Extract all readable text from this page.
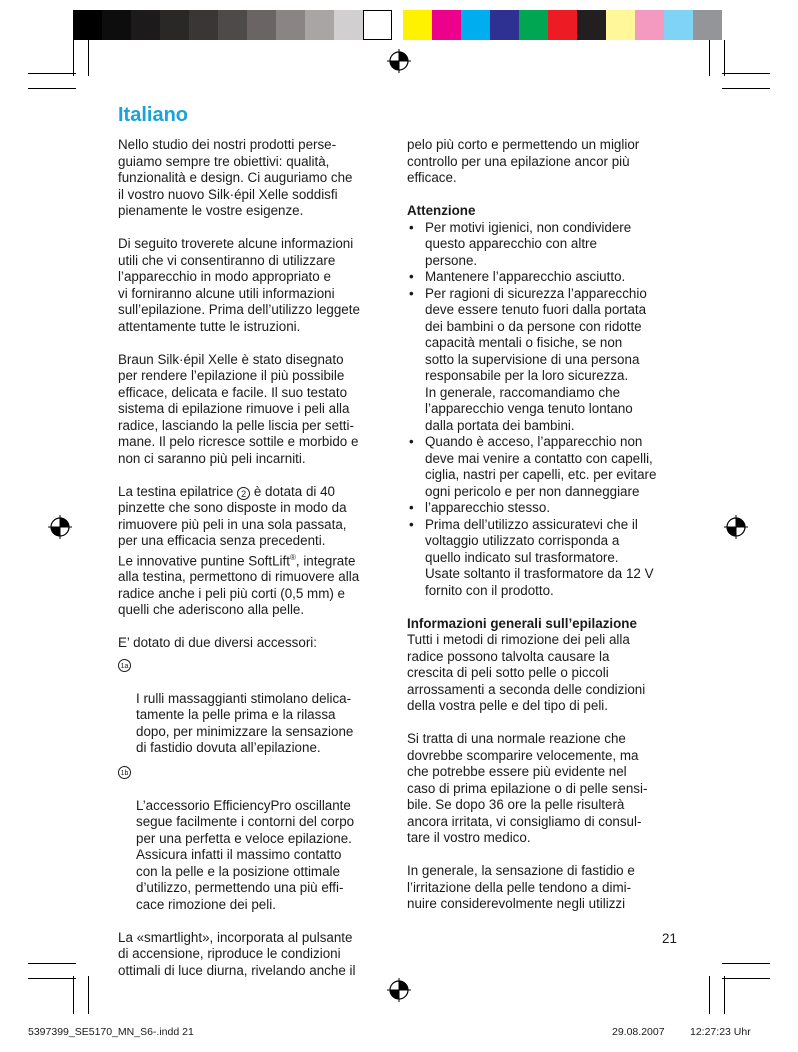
Italiano

Nello studio dei nostri prodotti perse-
guiamo sempre tre obiettivi: qualità,
funzionalità e design. Ci auguriamo che
il vostro nuovo Silk·épil Xelle soddisfi
pienamente le vostre esigenze.

Di seguito troverete alcune informazioni
utili che vi consentiranno di utilizzare
l’apparecchio in modo appropriato e
vi forniranno alcune utili informazioni
sull’epilazione. Prima dell’utilizzo leggete
attentamente tutte le istruzioni.

Braun Silk·épil Xelle è stato disegnato
per rendere l’epilazione il più possibile
efficace, delicata e facile. Il suo testato
sistema di epilazione rimuove i peli alla
radice, lasciando la pelle liscia per setti-
mane. Il pelo ricresce sottile e morbido e
non ci saranno più peli incarniti.

La testina epilatrice 2 è dotata di 40
pinzette che sono disposte in modo da
rimuovere più peli in una sola passata,
per una efficacia senza precedenti.
Le innovative puntine SoftLift®, integrate
alla testina, permettono di rimuovere alla
radice anche i peli più corti (0,5 mm) e
quelli che aderiscono alla pelle.

E’ dotato di due diversi accessori:

1a

I rulli massaggianti stimolano delica-
tamente la pelle prima e la rilassa
dopo, per minimizzare la sensazione
di fastidio dovuta all’epilazione.

1b

L’accessorio EfficiencyPro oscillante
segue facilmente i contorni del corpo
per una perfetta e veloce epilazione.
Assicura infatti il massimo contatto
con la pelle e la posizione ottimale
d’utilizzo, permettendo una più effi-
cace rimozione dei peli.

La «smartlight», incorporata al pulsante
di accensione, riproduce le condizioni
ottimali di luce diurna, rivelando anche il

pelo più corto e permettendo un miglior
controllo per una epilazione ancor più
efficace.

Attenzione

• Per motivi igienici, non condividere
questo apparecchio con altre
persone.
• Mantenere l’apparecchio asciutto.
• Per ragioni di sicurezza l’apparecchio
deve essere tenuto fuori dalla portata
dei bambini o da persone con ridotte
capacità mentali o fisiche, se non
sotto la supervisione di una persona
responsabile per la loro sicurezza.
In generale, raccomandiamo che
l’apparecchio venga tenuto lontano
dalla portata dei bambini.
• Quando è acceso, l’apparecchio non
deve mai venire a contatto con capelli,
ciglia, nastri per capelli, etc. per evitare
ogni pericolo e per non danneggiare
• l’apparecchio stesso.
• Prima dell’utilizzo assicuratevi che il
voltaggio utilizzato corrisponda a
quello indicato sul trasformatore.
Usate soltanto il trasformatore da 12 V
fornito con il prodotto.

Informazioni generali sull’epilazione

Tutti i metodi di rimozione dei peli alla
radice possono talvolta causare la
crescita di peli sotto pelle o piccoli
arrossamenti a seconda delle condizioni
della vostra pelle e del tipo di peli.

Si tratta di una normale reazione che
dovrebbe scomparire velocemente, ma
che potrebbe essere più evidente nel
caso di prima epilazione o di pelle sensi-
bile. Se dopo 36 ore la pelle risulterà
ancora irritata, vi consigliamo di consul-
tare il vostro medico.

In generale, la sensazione di fastidio e
l’irritazione della pelle tendono a dimi-
nuire considerevolmente negli utilizzi

21
5397399_SE5170_MN_S6-.indd 21	29.08.2007 12:27:23 Uhr
